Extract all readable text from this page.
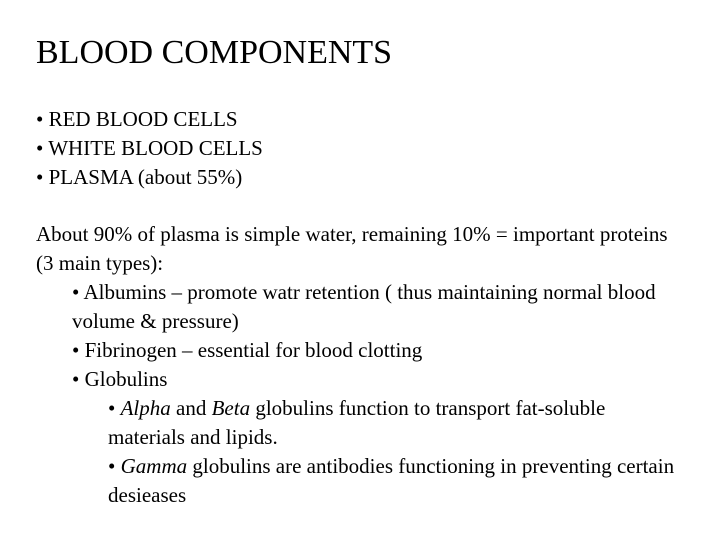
BLOOD COMPONENTS
• RED BLOOD CELLS
• WHITE BLOOD CELLS
• PLASMA (about 55%)
About 90% of plasma is simple water, remaining 10% = important proteins (3 main types):
• Albumins – promote watr retention ( thus maintaining normal blood volume & pressure)
• Fibrinogen – essential for blood clotting
• Globulins
• Alpha and Beta globulins function to transport fat-soluble materials and lipids.
• Gamma globulins are antibodies functioning in preventing certain desieases
